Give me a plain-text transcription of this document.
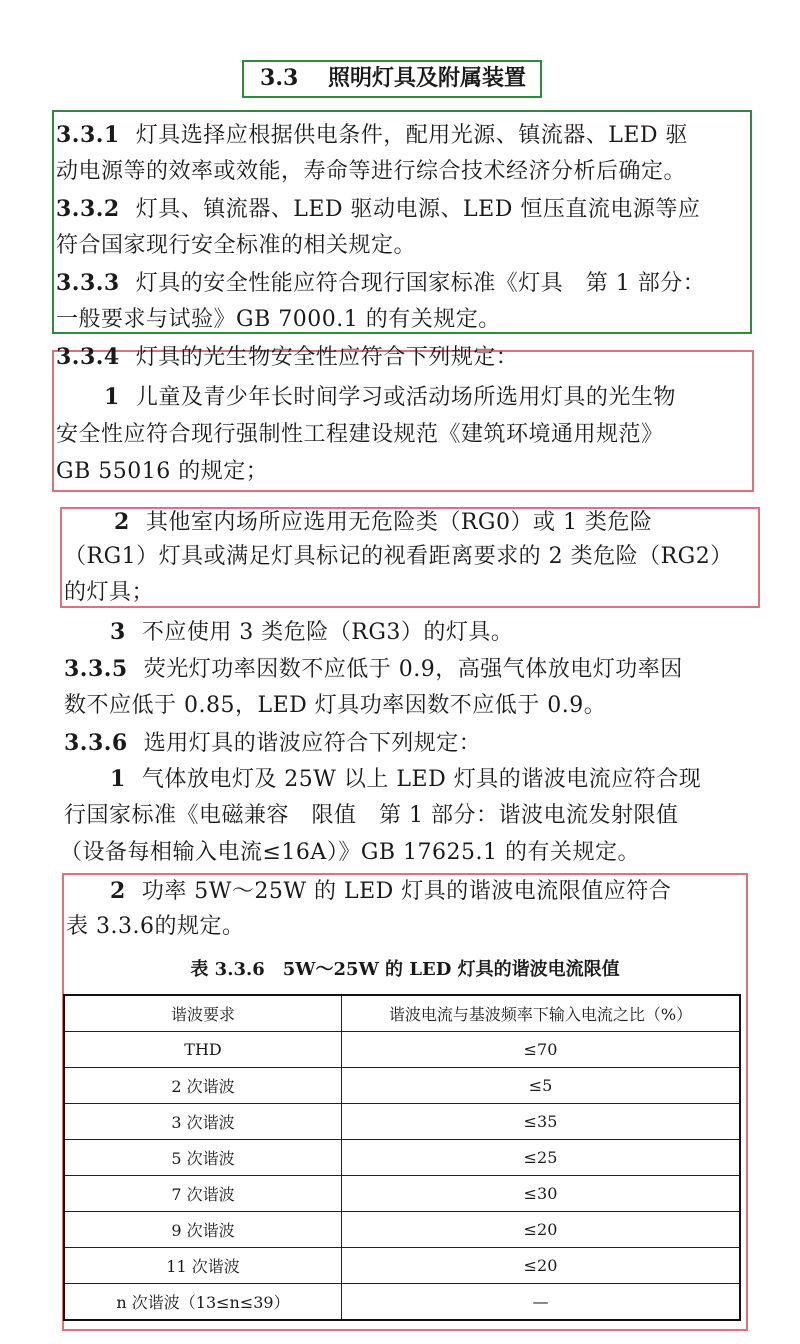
3.3 照明灯具及附属装置
3.3.1 灯具选择应根据供电条件，配用光源、镇流器、LED 驱
动电源等的效率或效能，寿命等进行综合技术经济分析后确定。
3.3.2 灯具、镇流器、LED 驱动电源、LED 恒压直流电源等应
符合国家现行安全标准的相关规定。
3.3.3 灯具的安全性能应符合现行国家标准《灯具　第 1 部分：
一般要求与试验》GB 7000.1 的有关规定。
3.3.4 灯具的光生物安全性应符合下列规定：
1 儿童及青少年长时间学习或活动场所选用灯具的光生物
安全性应符合现行强制性工程建设规范《建筑环境通用规范》
GB 55016 的规定；
2 其他室内场所应选用无危险类（RG0）或 1 类危险
（RG1）灯具或满足灯具标记的视看距离要求的 2 类危险（RG2）
的灯具；
3 不应使用 3 类危险（RG3）的灯具。
3.3.5 荧光灯功率因数不应低于 0.9，高强气体放电灯功率因
数不应低于 0.85，LED 灯具功率因数不应低于 0.9。
3.3.6 选用灯具的谐波应符合下列规定：
1 气体放电灯及 25W 以上 LED 灯具的谐波电流应符合现
行国家标准《电磁兼容　限值　第 1 部分：谐波电流发射限值
（设备每相输入电流≤16A）》GB 17625.1 的有关规定。
2 功率 5W～25W 的 LED 灯具的谐波电流限值应符合
表 3.3.6的规定。
表 3.3.6　5W～25W 的 LED 灯具的谐波电流限值
谐波要求	谐波电流与基波频率下输入电流之比（%）
THD	≤70
2 次谐波	≤5
3 次谐波	≤35
5 次谐波	≤25
7 次谐波	≤30
9 次谐波	≤20
11 次谐波	≤20
n 次谐波（13≤n≤39）	—
